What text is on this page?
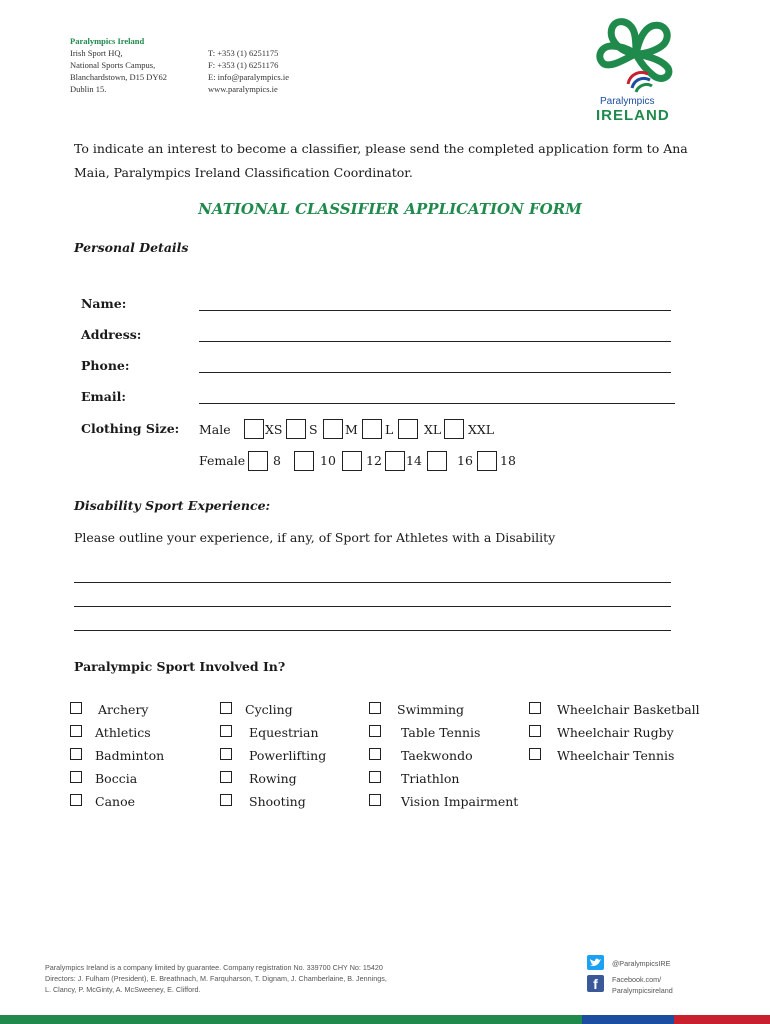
Paralympics Ireland
Irish Sport HQ,
National Sports Campus,
Blanchardstown, D15 DY62
Dublin 15.
T: +353 (1) 6251175
F: +353 (1) 6251176
E: info@paralympics.ie
www.paralympics.ie
Paralympics
IRELAND
To indicate an interest to become a classifier, please send the completed application form to Ana Maia, Paralympics Ireland Classification Coordinator.
NATIONAL CLASSIFIER APPLICATION FORM
Personal Details
Name:
Address:
Phone:
Email:
Clothing Size: Male	XS S M L XL XXL
Female 8	10 12 14	16 18
Disability Sport Experience:
Please outline your experience, if any, of Sport for Athletes with a Disability
Paralympic Sport Involved In?
Archery
Athletics
Badminton
Boccia
Canoe
Cycling
Equestrian
Powerlifting
Rowing
Shooting
Swimming
Table Tennis
Taekwondo
Triathlon
Vision Impairment
Wheelchair Basketball
Wheelchair Rugby
Wheelchair Tennis
Paralympics Ireland is a company limited by guarantee. Company registration No. 339700 CHY No: 15420
Directors: J. Fulham (President), E. Breathnach, M. Farquharson, T. Dignam, J. Chamberlaine, B. Jennings,
L. Clancy, P. McGinty, A. McSweeney, E. Clifford.
@ParalympicsIRE
f	Facebook.com/
Paralympicsireland
